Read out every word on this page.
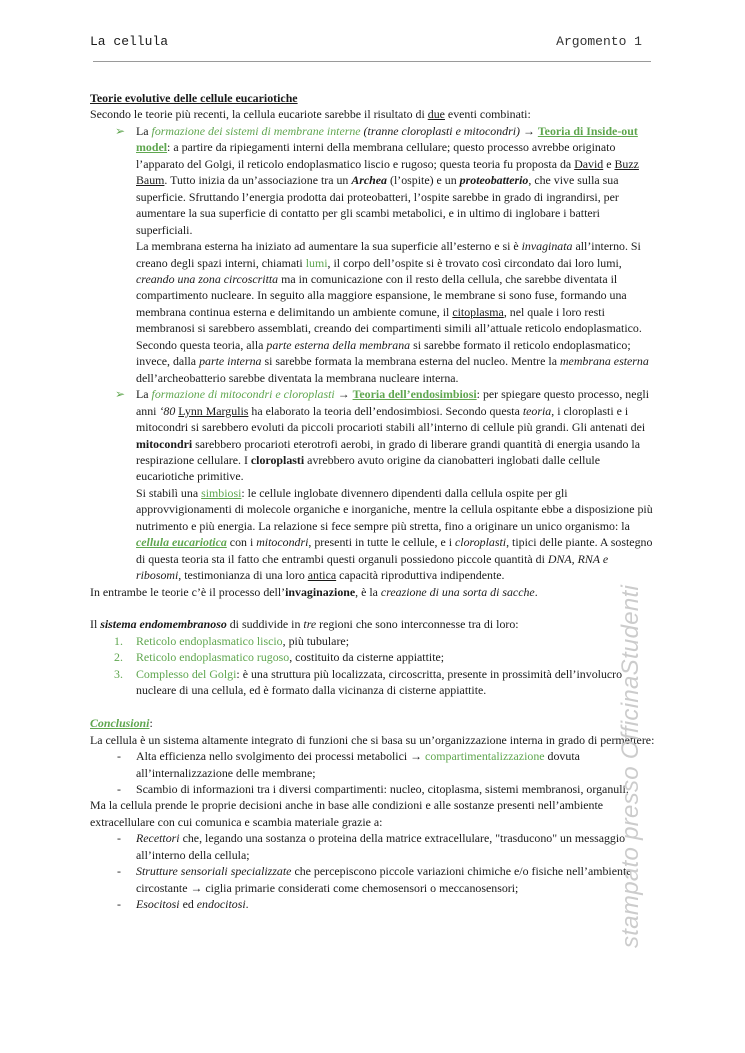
La cellula	Argomento 1

Teorie evolutive delle cellule eucariotiche

Secondo le teorie più recenti, la cellula eucariote sarebbe il risultato di due eventi combinati:

➢ La formazione dei sistemi di membrane interne (tranne cloroplasti e mitocondri) → Teoria di Inside-out model: a partire da ripiegamenti interni della membrana cellulare; questo processo avrebbe originato l’apparato del Golgi, il reticolo endoplasmatico liscio e rugoso; questa teoria fu proposta da David e Buzz Baum. Tutto inizia da un’associazione tra un Archea (l’ospite) e un proteobatterio, che vive sulla sua superficie. Sfruttando l’energia prodotta dai proteobatteri, l’ospite sarebbe in grado di ingrandirsi, per aumentare la sua superficie di contatto per gli scambi metabolici, e in ultimo di inglobare i batteri superficiali.

La membrana esterna ha iniziato ad aumentare la sua superficie all’esterno e si è invaginata all’interno. Si creano degli spazi interni, chiamati lumi, il corpo dell’ospite si è trovato così circondato dai loro lumi, creando una zona circoscritta ma in comunicazione con il resto della cellula, che sarebbe diventata il compartimento nucleare. In seguito alla maggiore espansione, le membrane si sono fuse, formando una membrana continua esterna e delimitando un ambiente comune, il citoplasma, nel quale i loro resti membranosi si sarebbero assemblati, creando dei compartimenti simili all’attuale reticolo endoplasmatico. Secondo questa teoria, alla parte esterna della membrana si sarebbe formato il reticolo endoplasmatico; invece, dalla parte interna si sarebbe formata la membrana esterna del nucleo. Mentre la membrana esterna dell’archeobatterio sarebbe diventata la membrana nucleare interna.

➢ La formazione di mitocondri e cloroplasti → Teoria dell’endosimbiosi: per spiegare questo processo, negli anni ‘80 Lynn Margulis ha elaborato la teoria dell’endosimbiosi. Secondo questa teoria, i cloroplasti e i mitocondri si sarebbero evoluti da piccoli procarioti stabili all’interno di cellule più grandi. Gli antenati dei mitocondri sarebbero procarioti eterotrofi aerobi, in grado di liberare grandi quantità di energia usando la respirazione cellulare. I cloroplasti avrebbero avuto origine da cianobatteri inglobati dalle cellule eucariotiche primitive.

Si stabilì una simbiosi: le cellule inglobate divennero dipendenti dalla cellula ospite per gli approvvigionamenti di molecole organiche e inorganiche, mentre la cellula ospitante ebbe a disposizione più nutrimento e più energia. La relazione si fece sempre più stretta, fino a originare un unico organismo: la cellula eucariotica con i mitocondri, presenti in tutte le cellule, e i cloroplasti, tipici delle piante. A sostegno di questa teoria sta il fatto che entrambi questi organuli possiedono piccole quantità di DNA, RNA e ribosomi, testimonianza di una loro antica capacità riproduttiva indipendente.

In entrambe le teorie c’è il processo dell’invaginazione, è la creazione di una sorta di sacche.

Il sistema endomembranoso di suddivide in tre regioni che sono interconnesse tra di loro:

1. Reticolo endoplasmatico liscio, più tubulare;

2. Reticolo endoplasmatico rugoso, costituito da cisterne appiattite;

3. Complesso del Golgi: è una struttura più localizzata, circoscritta, presente in prossimità dell’involucro nucleare di una cellula, ed è formato dalla vicinanza di cisterne appiattite.

Conclusioni:

La cellula è un sistema altamente integrato di funzioni che si basa su un’organizzazione interna in grado di permettere:

- Alta efficienza nello svolgimento dei processi metabolici → compartimentalizzazione dovuta all’internalizzazione delle membrane;

- Scambio di informazioni tra i diversi compartimenti: nucleo, citoplasma, sistemi membranosi, organuli.

Ma la cellula prende le proprie decisioni anche in base alle condizioni e alle sostanze presenti nell’ambiente extracellulare con cui comunica e scambia materiale grazie a:

- Recettori che, legando una sostanza o proteina della matrice extracellulare, "trasducono" un messaggio all’interno della cellula;

- Strutture sensoriali specializzate che percepiscono piccole variazioni chimiche e/o fisiche nell’ambiente circostante → ciglia primarie considerati come chemosensori o meccanosensori;

- Esocitosi ed endocitosi.	stampato presso OfficinaStudenti
